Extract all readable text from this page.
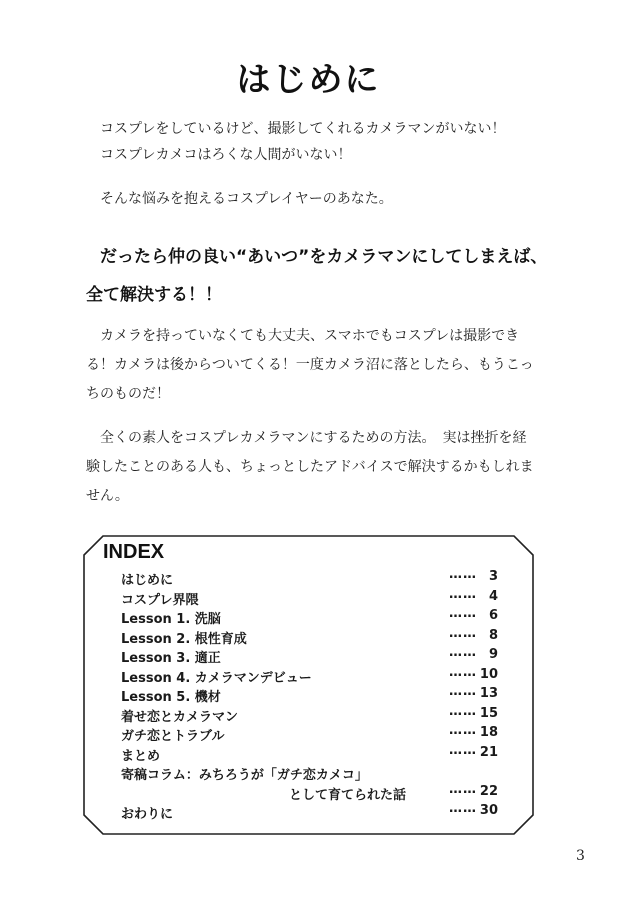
はじめに
コスプレをしているけど、撮影してくれるカメラマンがいない！
コスプレカメコはろくな人間がいない！
そんな悩みを抱えるコスプレイヤーのあなた。
だったら仲の良い“あいつ”をカメラマンにしてしまえば、
全て解決する！！
カメラを持っていなくても大丈夫、スマホでもコスプレは撮影でき
る！カメラは後からついてくる！一度カメラ沼に落としたら、もうこっ
ちのものだ！
全くの素人をコスプレカメラマンにするための方法。　実は挫折を経
験したことのある人も、ちょっとしたアドバイスで解決するかもしれま
せん。
INDEX
はじめに	…… 3
コスプレ界隈	…… 4
Lesson 1. 洗脳	…… 6
Lesson 2. 根性育成	…… 8
Lesson 3. 適正	…… 9
Lesson 4. カメラマンデビュー	…… 10
Lesson 5. 機材	…… 13
着せ恋とカメラマン	…… 15
ガチ恋とトラブル	…… 18
まとめ	…… 21
寄稿コラム：みちろうが「ガチ恋カメコ」
として育てられた話	…… 22
おわりに	…… 30
3
